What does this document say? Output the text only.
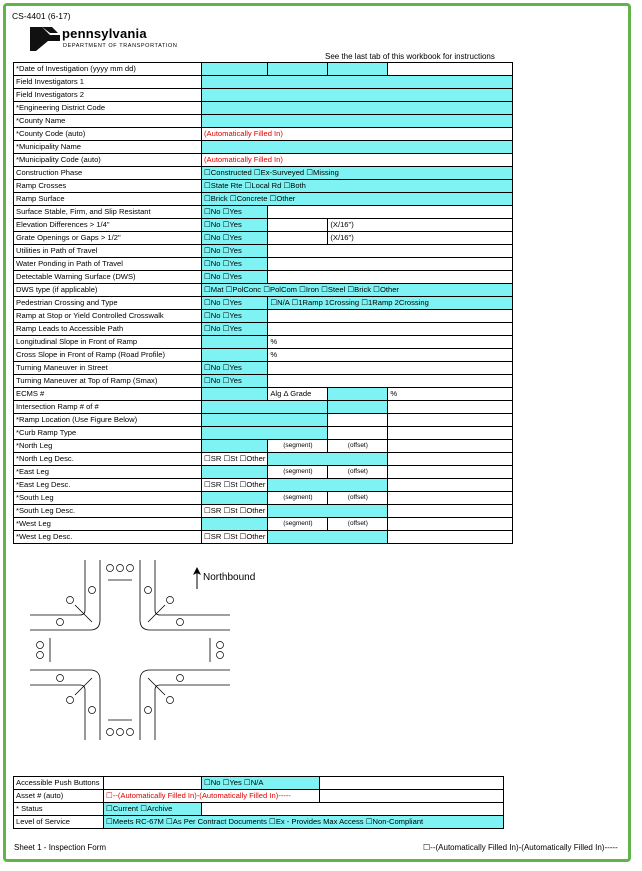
CS-4401 (6-17)
pennsylvania
DEPARTMENT OF TRANSPORTATION
See the last tab of this workbook for instructions
*Date of Investigation (yyyy mm dd)				
Field Investigators 1				
Field Investigators 2				
*Engineering District Code				
*County Name				
*County Code (auto)	(Automatically Filled In)			
*Municipality Name				
*Municipality Code (auto)	(Automatically Filled In)			
Construction Phase	☐Constructed ☐Ex-Surveyed ☐Missing			
Ramp Crosses	☐State Rte ☐Local Rd ☐Both			
Ramp Surface	☐Brick ☐Concrete ☐Other			
Surface Stable, Firm, and Slip Resistant	☐No ☐Yes			
Elevation Differences > 1/4"	☐No ☐Yes		(X/16")	
Grate Openings or Gaps > 1/2"	☐No ☐Yes		(X/16")	
Utilities in Path of Travel	☐No ☐Yes			
Water Ponding in Path of Travel	☐No ☐Yes			
Detectable Warning Surface (DWS)	☐No ☐Yes			
DWS type (if applicable)	☐Mat ☐PolConc ☐PolCom ☐Iron ☐Steel ☐Brick ☐Other			
Pedestrian Crossing and Type	☐No ☐Yes	☐N/A ☐1Ramp 1Crossing ☐1Ramp 2Crossing		
Ramp at Stop or Yield Controlled Crosswalk	☐No ☐Yes			
Ramp Leads to Accessible Path	☐No ☐Yes			
Longitudinal Slope in Front of Ramp		%		
Cross Slope in Front of Ramp (Road Profile)		%		
Turning Maneuver in Street	☐No ☐Yes			
Turning Maneuver at Top of Ramp (Smax)	☐No ☐Yes			
ECMS #		Alg Δ Grade		%
Intersection Ramp # of #				
*Ramp Location (Use Figure Below)				
*Curb Ramp Type				
*North Leg		(segment)	(offset)	
*North Leg Desc.	☐SR ☐St ☐Other			
*East Leg		(segment)	(offset)	
*East Leg Desc.	☐SR ☐St ☐Other			
*South Leg		(segment)	(offset)	
*South Leg Desc.	☐SR ☐St ☐Other			
*West Leg		(segment)	(offset)	
*West Leg Desc.	☐SR ☐St ☐Other			
Northbound
Accessible Push Buttons		☐No ☐Yes ☐N/A	
Asset # (auto)	☐--(Automatically Filled In)-(Automatically Filled In)-----		
* Status	☐Current ☐Archive		
Level of Service	☐Meets RC-67M ☐As Per Contract Documents ☐Ex - Provides Max Access ☐Non-Compliant		
Sheet 1 - Inspection Form	☐--(Automatically Filled In)-(Automatically Filled In)-----
